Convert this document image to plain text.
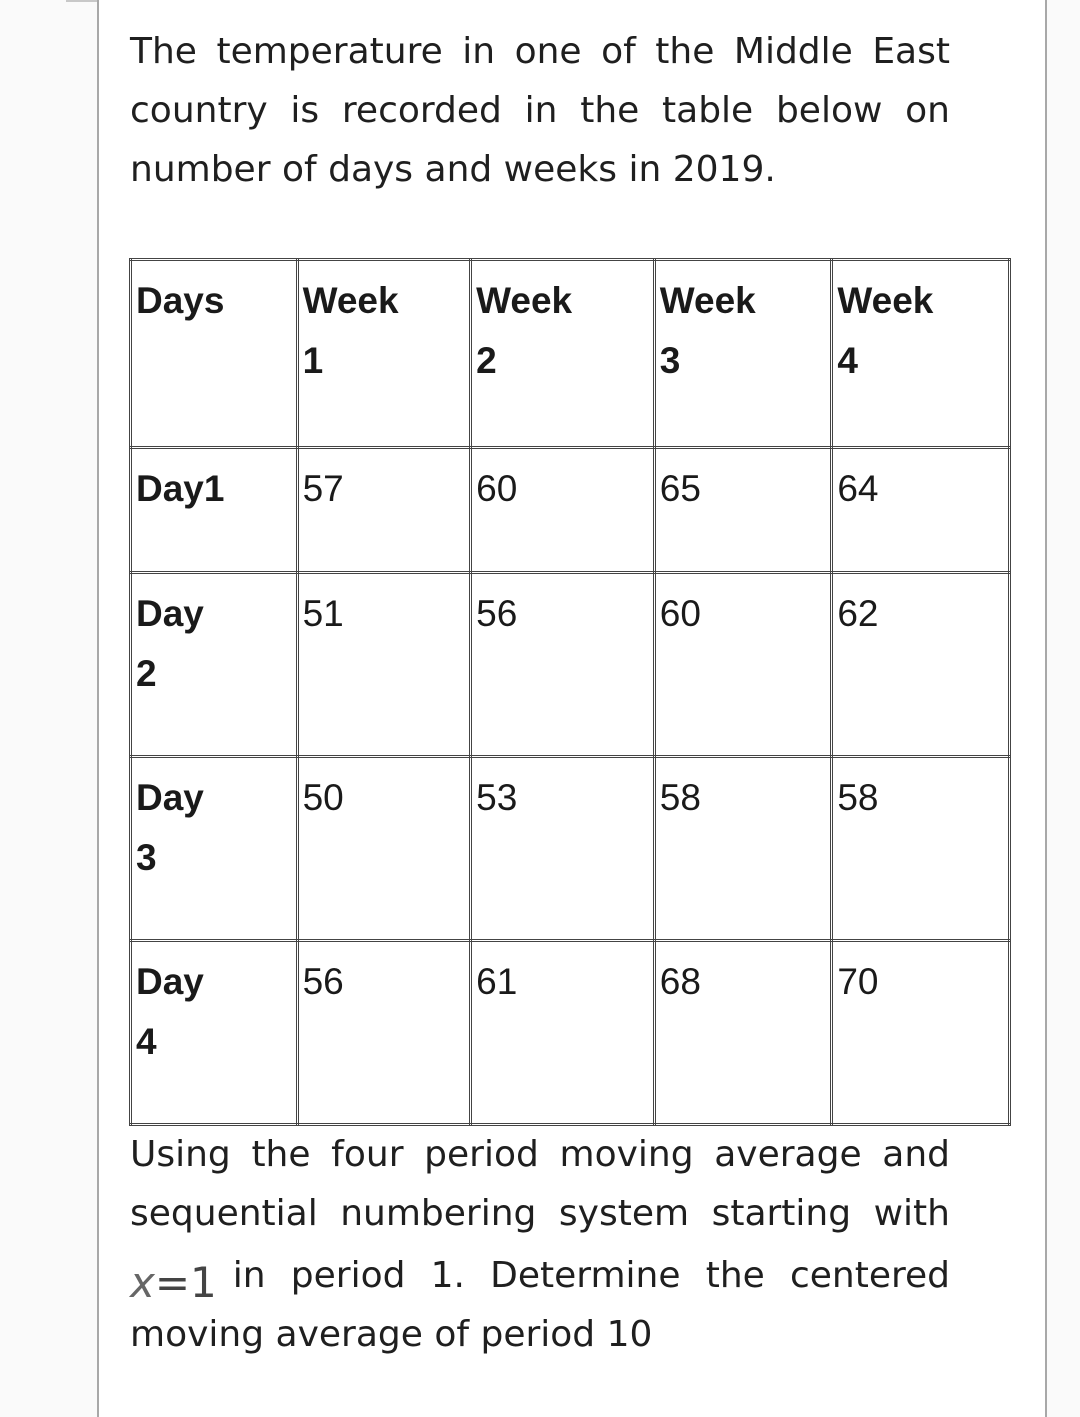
The temperature in one of the Middle East country is recorded in the table below on number of days and weeks in 2019.

Days	Week 1	Week 2	Week 3	Week 4
Day1	57	60	65	64
Day 2	51	56	60	62
Day 3	50	53	58	58
Day 4	56	61	68	70

Using the four period moving average and sequential numbering system starting with x=1 in period 1. Determine the centered moving average of period 10
